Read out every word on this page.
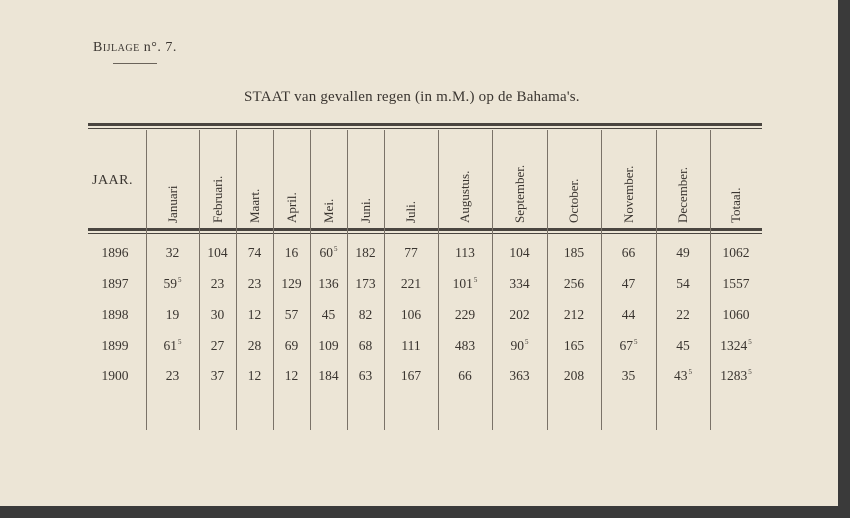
Bijlage n°. 7.
STAAT van gevallen regen (in m.M.) op de Bahama's.
JAAR.
Januari Februari. Maart. April. Mei. Juni. Juli.	Augustus.	September.	October.	November.	December.	Totaal.
1896	32	104	74	16	$60^5$	182	77	113	104	185	66	49	1062
1897	$59^5$	23	23	129	136	173	221	$101^5$	334	256	47	54	1557
1898	19	30	12	57	45	82	106	229	202	212	44	22	1060
1899	$61^5$	27	28	69	109	68	111	483	$90^5$	165	$67^5$	45	1324$^5$
1900	23	37	12	12	184	63	167	66	363	208	35	$43^5$	1283$^5$
